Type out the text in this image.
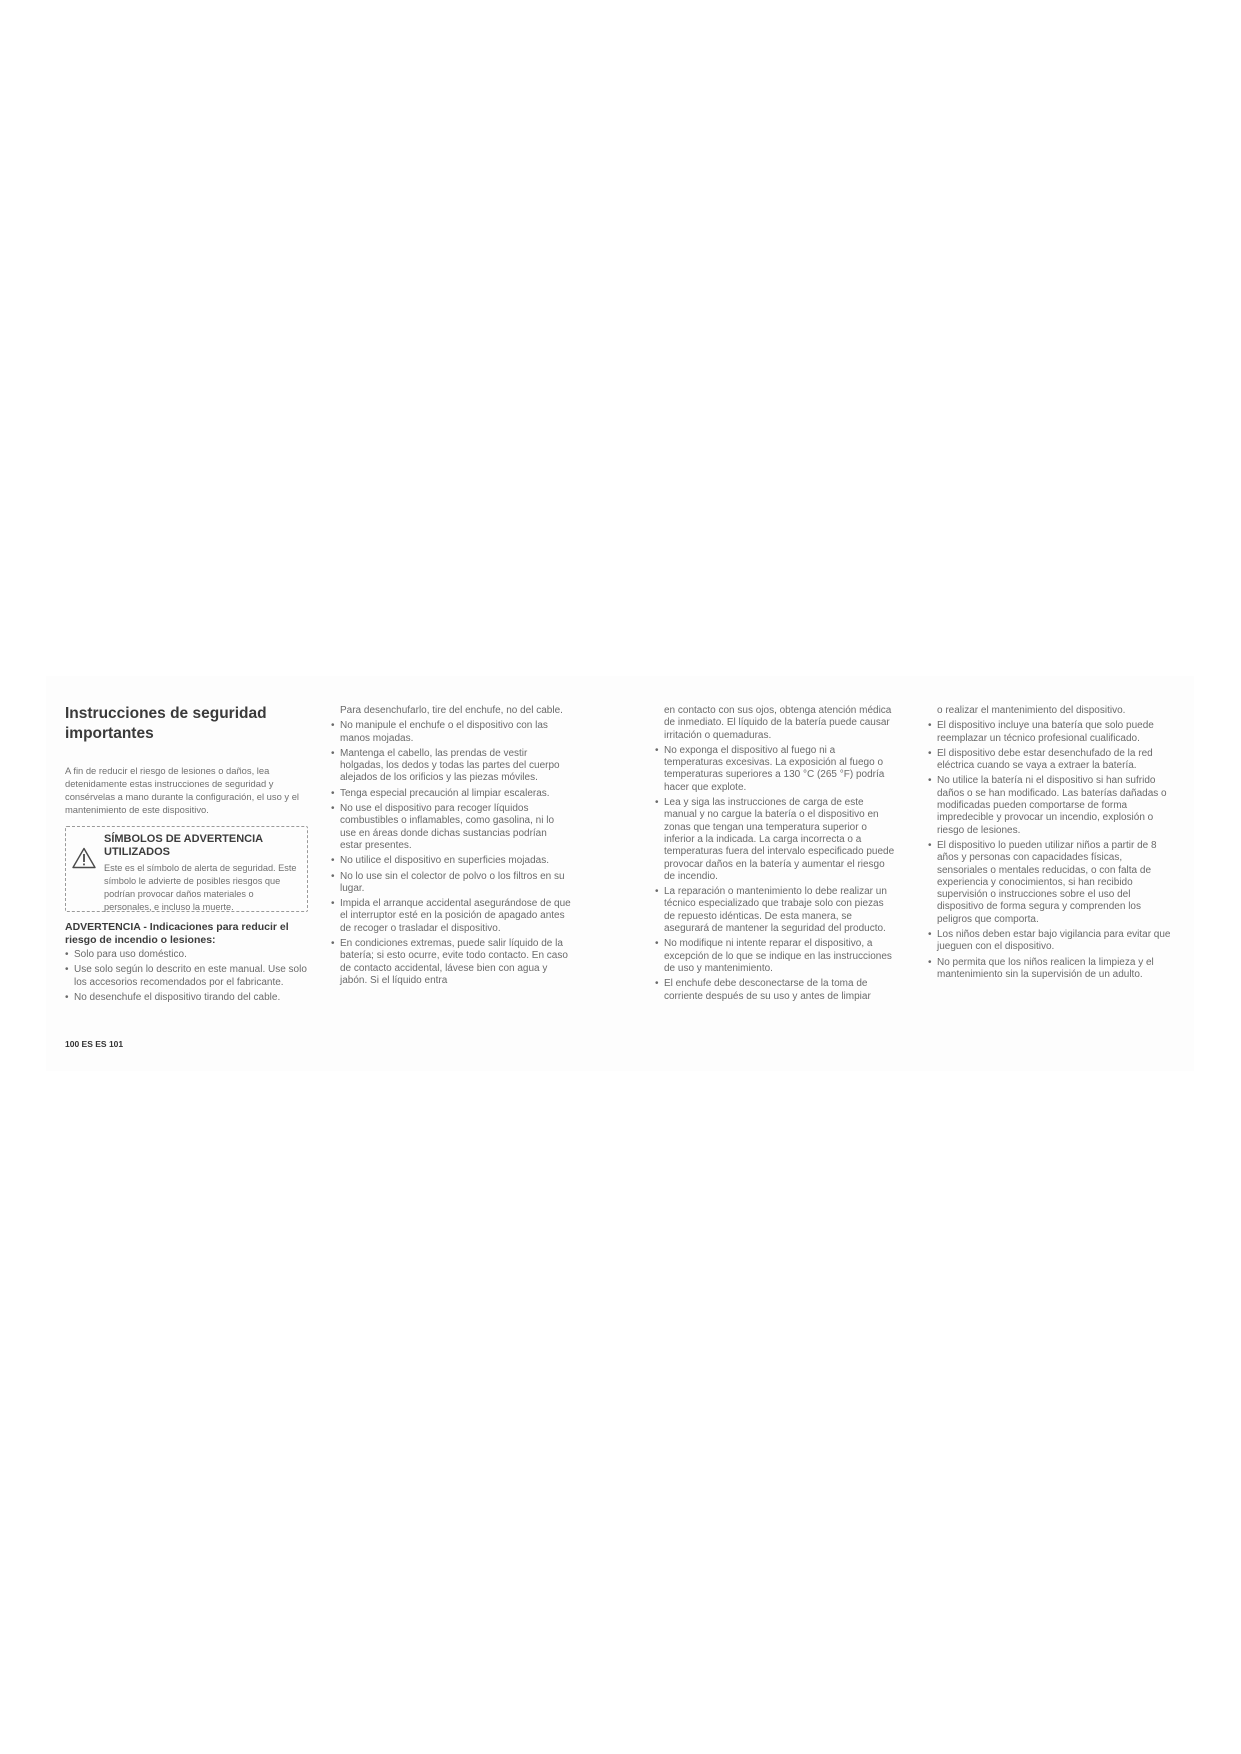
Instrucciones de seguridad importantes

A fin de reducir el riesgo de lesiones o daños, lea detenidamente estas instrucciones de seguridad y consérvelas a mano durante la configuración, el uso y el mantenimiento de este dispositivo.

SÍMBOLOS DE ADVERTENCIA UTILIZADOS
Este es el símbolo de alerta de seguridad. Este símbolo le advierte de posibles riesgos que podrían provocar daños materiales o personales, e incluso la muerte.
ADVERTENCIA - Indicaciones para reducir el riesgo de incendio o lesiones:
• Solo para uso doméstico.
• Use solo según lo descrito en este manual. Use solo los accesorios recomendados por el fabricante.
• No desenchufe el dispositivo tirando del cable.
Para desenchufarlo, tire del enchufe, no del cable.
• No manipule el enchufe o el dispositivo con las manos mojadas.
• Mantenga el cabello, las prendas de vestir holgadas, los dedos y todas las partes del cuerpo alejados de los orificios y las piezas móviles.
• Tenga especial precaución al limpiar escaleras.
• No use el dispositivo para recoger líquidos combustibles o inflamables, como gasolina, ni lo use en áreas donde dichas sustancias podrían estar presentes.
• No utilice el dispositivo en superficies mojadas.
• No lo use sin el colector de polvo o los filtros en su lugar.
• Impida el arranque accidental asegurándose de que el interruptor esté en la posición de apagado antes de recoger o trasladar el dispositivo.
• En condiciones extremas, puede salir líquido de la batería; si esto ocurre, evite todo contacto. En caso de contacto accidental, lávese bien con agua y jabón. Si el líquido entra
en contacto con sus ojos, obtenga atención médica de inmediato. El líquido de la batería puede causar irritación o quemaduras.
• No exponga el dispositivo al fuego ni a temperaturas excesivas. La exposición al fuego o temperaturas superiores a 130 °C (265 °F) podría hacer que explote.
• Lea y siga las instrucciones de carga de este manual y no cargue la batería o el dispositivo en zonas que tengan una temperatura superior o inferior a la indicada. La carga incorrecta o a temperaturas fuera del intervalo especificado puede provocar daños en la batería y aumentar el riesgo de incendio.
• La reparación o mantenimiento lo debe realizar un técnico especializado que trabaje solo con piezas de repuesto idénticas. De esta manera, se asegurará de mantener la seguridad del producto.
• No modifique ni intente reparar el dispositivo, a excepción de lo que se indique en las instrucciones de uso y mantenimiento.
• El enchufe debe desconectarse de la toma de corriente después de su uso y antes de limpiar
o realizar el mantenimiento del dispositivo.
• El dispositivo incluye una batería que solo puede reemplazar un técnico profesional cualificado.
• El dispositivo debe estar desenchufado de la red eléctrica cuando se vaya a extraer la batería.
• No utilice la batería ni el dispositivo si han sufrido daños o se han modificado. Las baterías dañadas o modificadas pueden comportarse de forma impredecible y provocar un incendio, explosión o riesgo de lesiones.
• El dispositivo lo pueden utilizar niños a partir de 8 años y personas con capacidades físicas, sensoriales o mentales reducidas, o con falta de experiencia y conocimientos, si han recibido supervisión o instrucciones sobre el uso del dispositivo de forma segura y comprenden los peligros que comporta.
• Los niños deben estar bajo vigilancia para evitar que jueguen con el dispositivo.
• No permita que los niños realicen la limpieza y el mantenimiento sin la supervisión de un adulto.
100 ES ES 101
